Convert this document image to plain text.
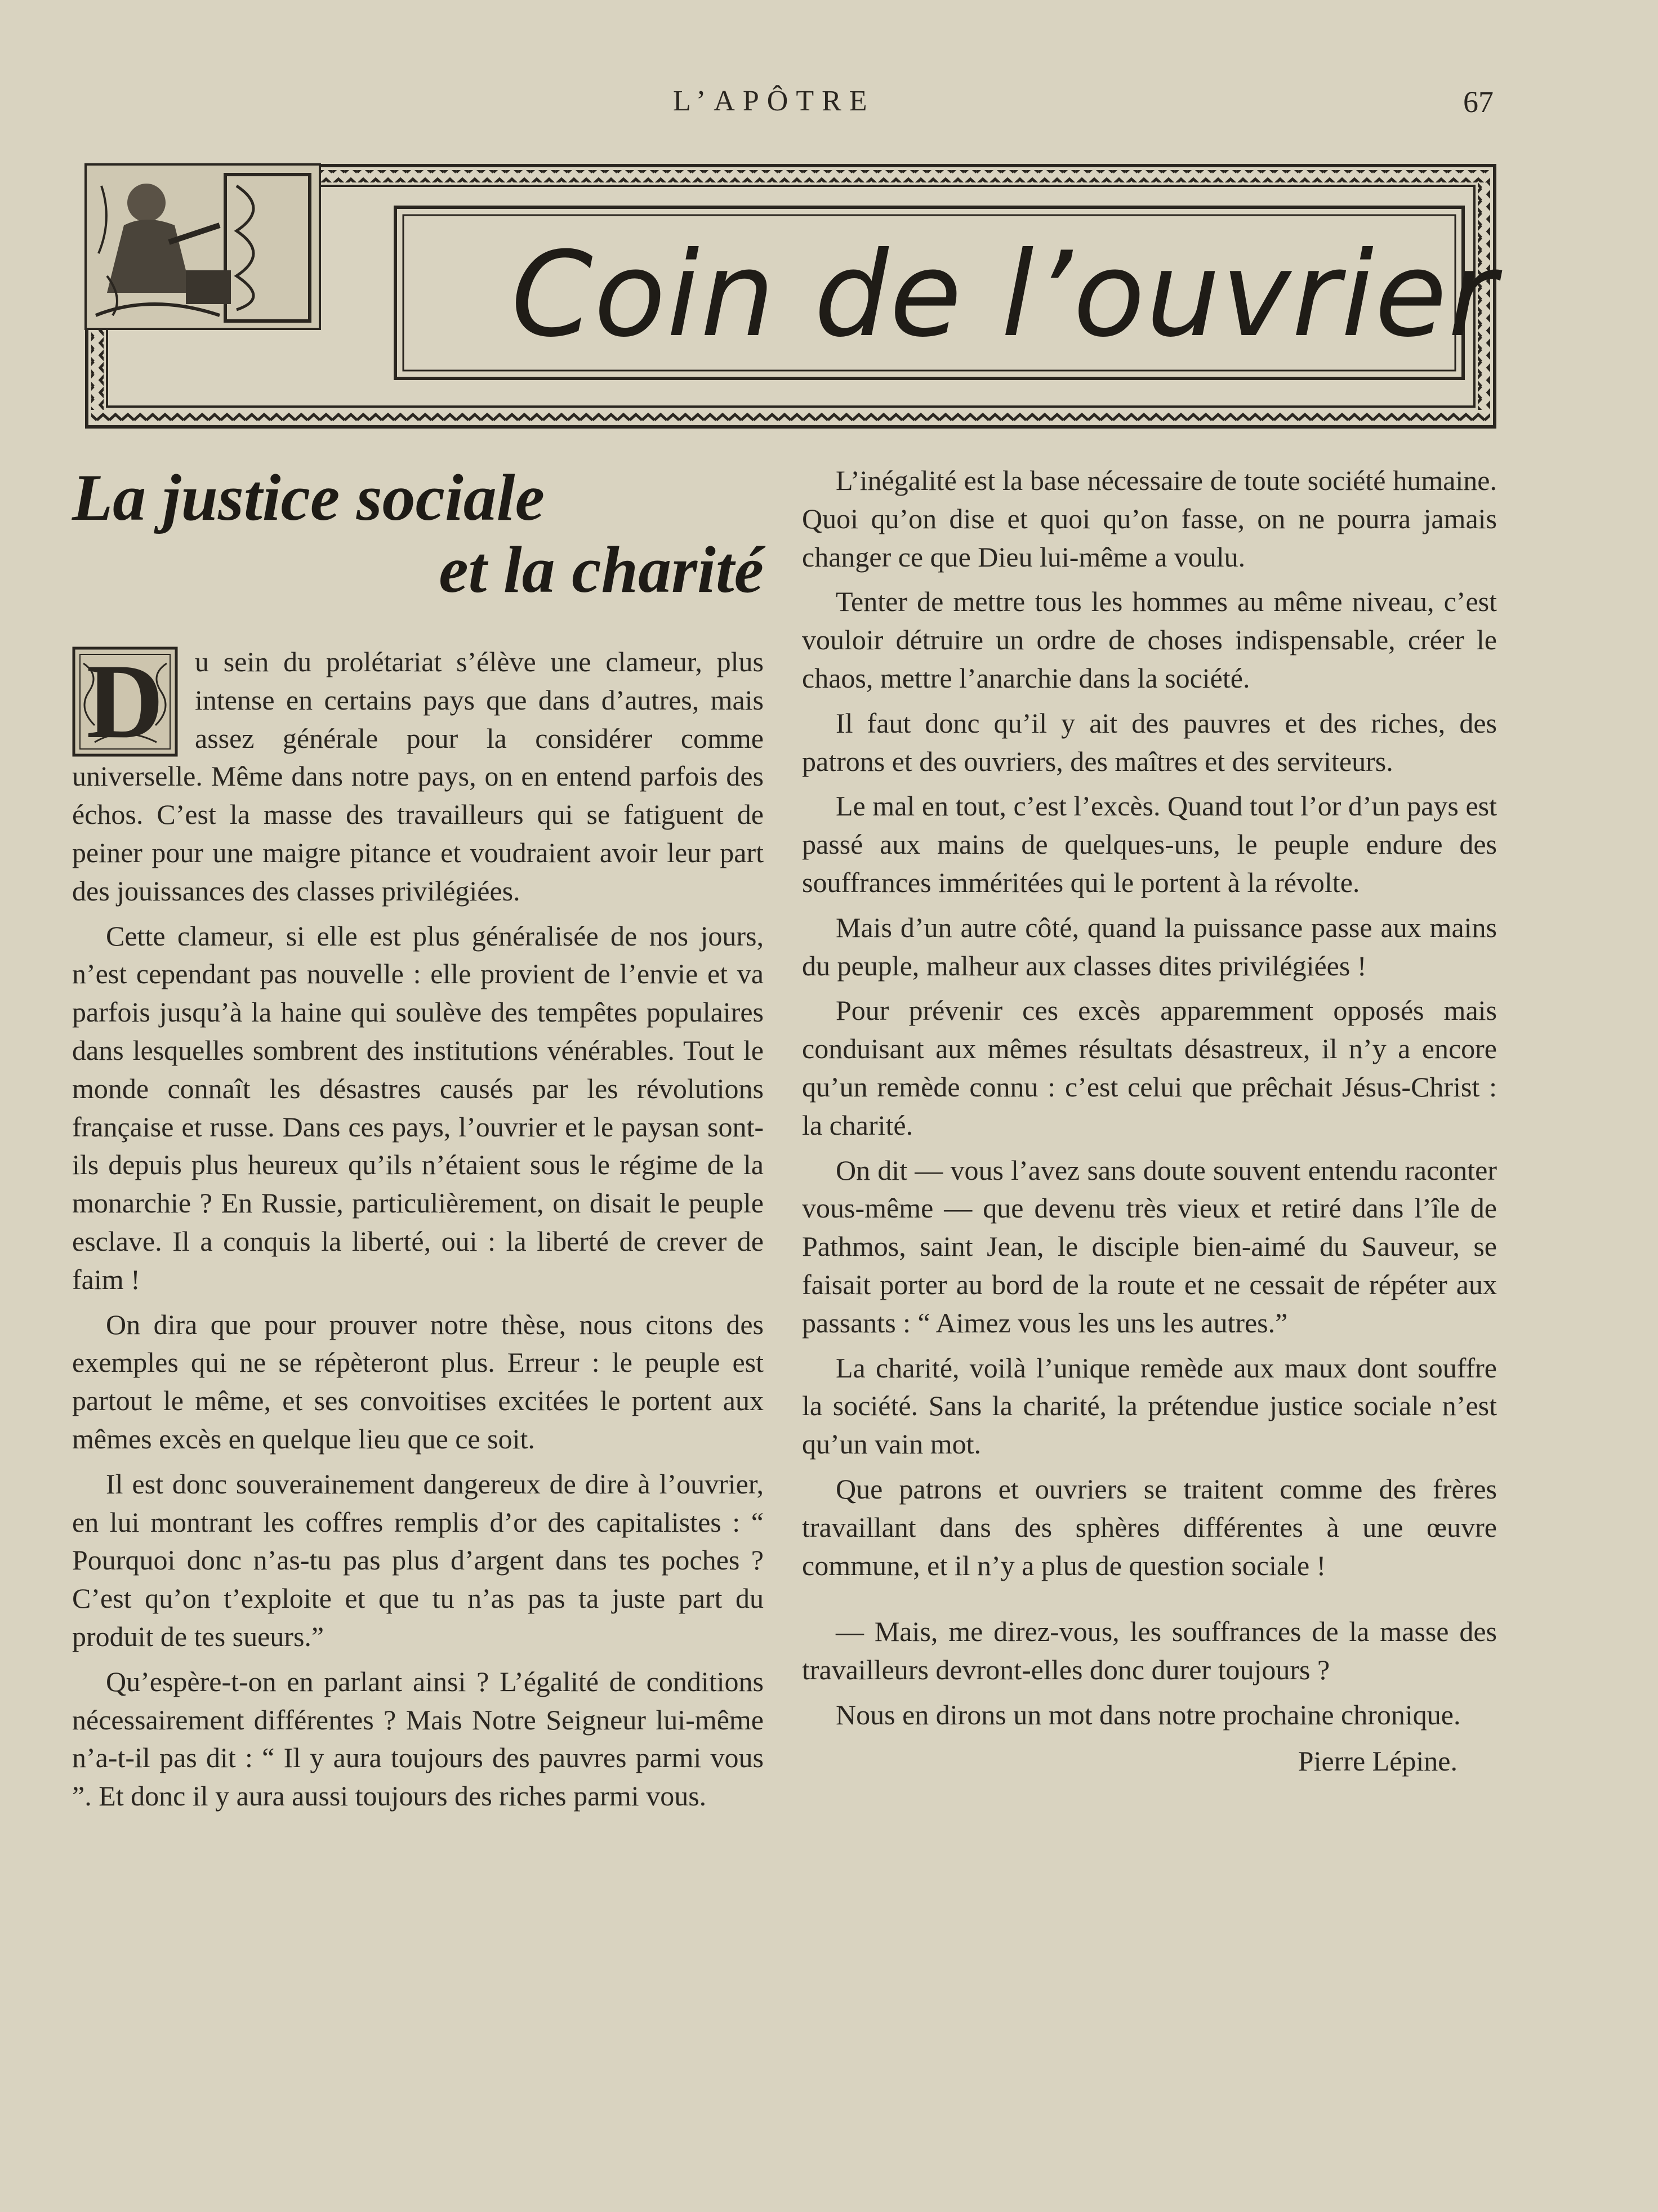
L’APÔTRE	67
Coin de l’ouvrier
La justice sociale
et la charité
D	u sein du prolétariat s’élève une clameur, plus intense en certains pays que dans d’autres, mais assez générale pour la considérer comme universelle. Même dans notre pays, on en entend parfois des échos. C’est la masse des travailleurs qui se fatiguent de peiner pour une maigre pitance et voudraient avoir leur part des jouissances des classes privilégiées.

Cette clameur, si elle est plus généralisée de nos jours, n’est cependant pas nouvelle : elle provient de l’envie et va parfois jusqu’à la haine qui soulève des tempêtes populaires dans lesquelles sombrent des institutions vénérables. Tout le monde connaît les désastres causés par les révolutions française et russe. Dans ces pays, l’ouvrier et le paysan sont-ils depuis plus heureux qu’ils n’étaient sous le régime de la monarchie ? En Russie, particulièrement, on disait le peuple esclave. Il a conquis la liberté, oui : la liberté de crever de faim !

On dira que pour prouver notre thèse, nous citons des exemples qui ne se répèteront plus. Erreur : le peuple est partout le même, et ses convoitises excitées le portent aux mêmes excès en quelque lieu que ce soit.

Il est donc souverainement dangereux de dire à l’ouvrier, en lui montrant les coffres remplis d’or des capitalistes : “ Pourquoi donc n’as-tu pas plus d’argent dans tes poches ? C’est qu’on t’exploite et que tu n’as pas ta juste part du produit de tes sueurs.”

Qu’espère-t-on en parlant ainsi ? L’égalité de conditions nécessairement différentes ? Mais Notre Seigneur lui-même n’a-t-il pas dit : “ Il y aura toujours des pauvres parmi vous ”. Et donc il y aura aussi toujours des riches parmi vous.

L’inégalité est la base nécessaire de toute société humaine. Quoi qu’on dise et quoi qu’on fasse, on ne pourra jamais changer ce que Dieu lui-même a voulu.

Tenter de mettre tous les hommes au même niveau, c’est vouloir détruire un ordre de choses indispensable, créer le chaos, mettre l’anarchie dans la société.

Il faut donc qu’il y ait des pauvres et des riches, des patrons et des ouvriers, des maîtres et des serviteurs.

Le mal en tout, c’est l’excès. Quand tout l’or d’un pays est passé aux mains de quelques-uns, le peuple endure des souffrances imméritées qui le portent à la révolte.

Mais d’un autre côté, quand la puissance passe aux mains du peuple, malheur aux classes dites privilégiées !

Pour prévenir ces excès apparemment opposés mais conduisant aux mêmes résultats désastreux, il n’y a encore qu’un remède connu : c’est celui que prêchait Jésus-Christ : la charité.

On dit — vous l’avez sans doute souvent entendu raconter vous-même — que devenu très vieux et retiré dans l’île de Pathmos, saint Jean, le disciple bien-aimé du Sauveur, se faisait porter au bord de la route et ne cessait de répéter aux passants : “ Aimez vous les uns les autres.”

La charité, voilà l’unique remède aux maux dont souffre la société. Sans la charité, la prétendue justice sociale n’est qu’un vain mot.

Que patrons et ouvriers se traitent comme des frères travaillant dans des sphères différentes à une œuvre commune, et il n’y a plus de question sociale !

— Mais, me direz-vous, les souffrances de la masse des travailleurs devront-elles donc durer toujours ?

Nous en dirons un mot dans notre prochaine chronique.

Pierre Lépine.
